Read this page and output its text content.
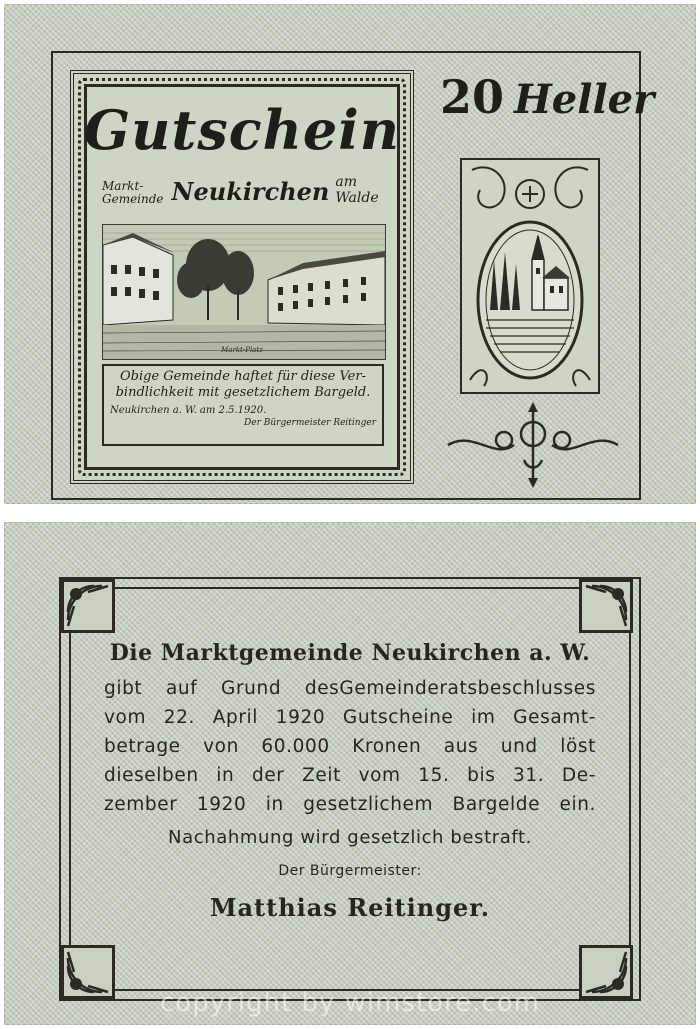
Gutschein
Markt-
Gemeinde Neukirchen am Walde
Markt-Platz
Obige Gemeinde haftet für diese Ver-
bindlichkeit mit gesetzlichem Bargeld.
Neukirchen a. W. am 2.5.1920.
Der Bürgermeister Reitinger
20 Heller
Die Marktgemeinde Neukirchen a. W.
gibt auf Grund desGemeinderatsbeschlusses
vom 22. April 1920 Gutscheine im Gesamt-
betrage von 60.000 Kronen aus und löst
dieselben in der Zeit vom 15. bis 31. De-
zember 1920 in gesetzlichem Bargelde ein.
Nachahmung wird gesetzlich bestraft.
Der Bürgermeister:
Matthias Reitinger.
copyright by wimstore.com
